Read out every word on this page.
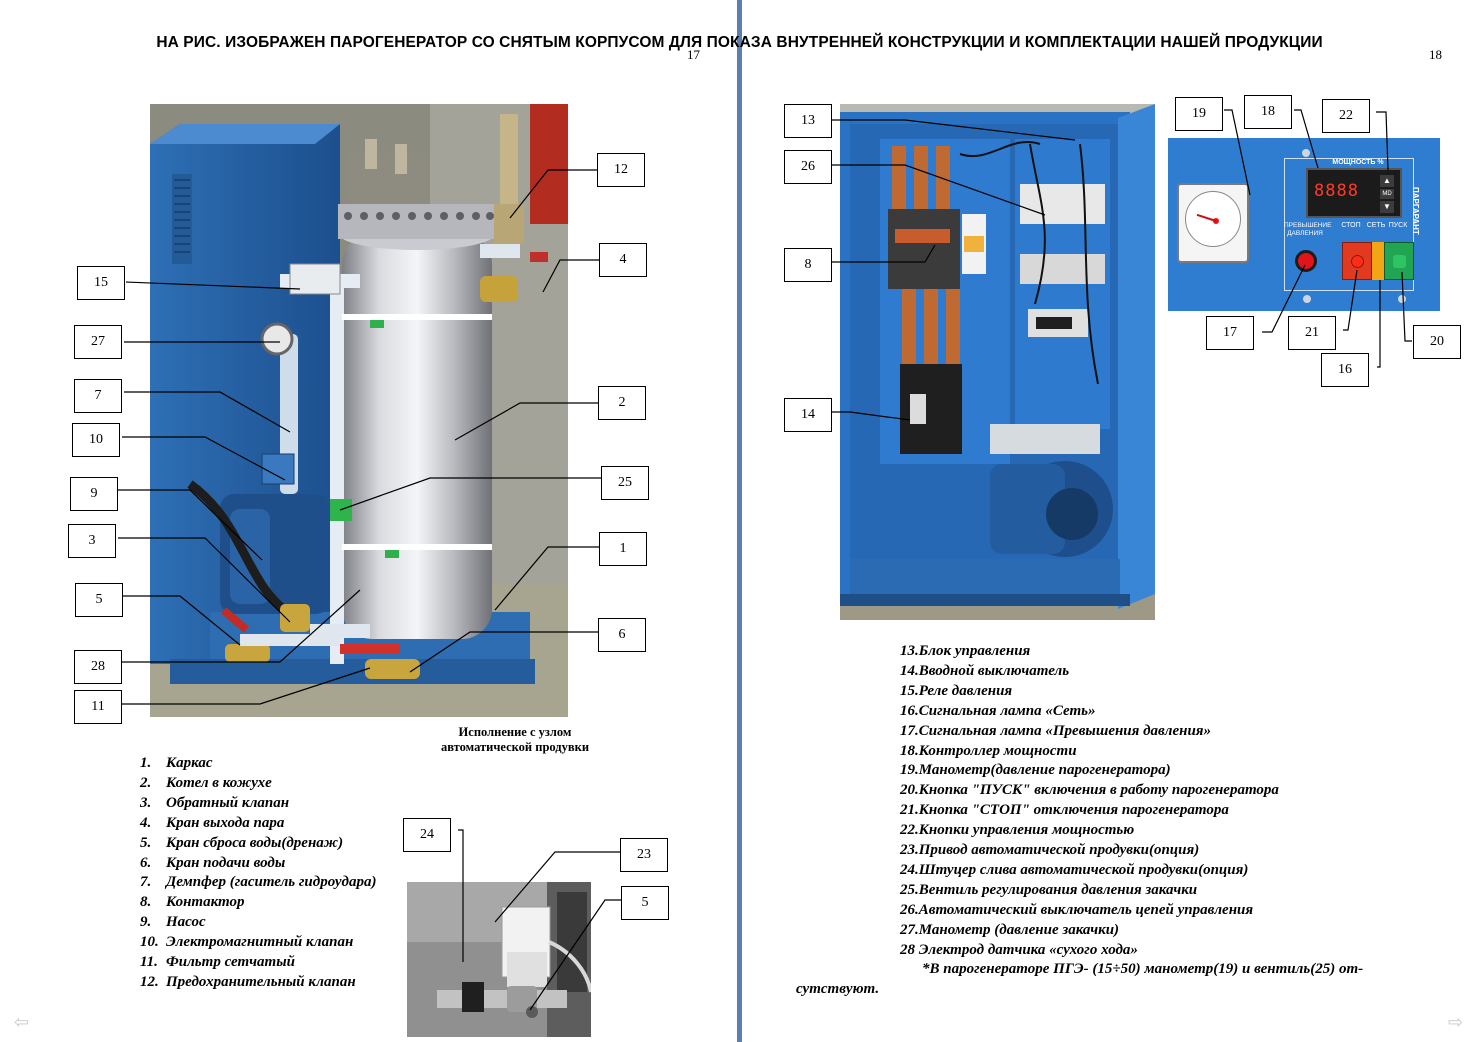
НА РИС. ИЗОБРАЖЕН ПАРОГЕНЕРАТОР СО СНЯТЫМ КОРПУСОМ ДЛЯ ПОКАЗА ВНУТРЕННЕЙ КОНСТРУКЦИИ И КОМПЛЕКТАЦИИ НАШЕЙ ПРОДУКЦИИ
17	18
Исполнение с узлом автоматической продувки
МОЩНОСТЬ %
ПАРГАРАНТ
8888
▲
MD
▼
ПРЕВЫШЕНИЕ ДАВЛЕНИЯ
СТОП СЕТЬ ПУСК
12
4
15
27
7
10
9
3
5
28
11
2
25
1
6
24
23
5
13
26
8
14
19	18	22
17	21
16
20
1. Каркас
2. Котел в кожухе
3. Обратный клапан
4. Кран выхода пара
5. Кран сброса воды(дренаж)
6. Кран подачи воды
7. Демпфер (гаситель гидроудара)
8. Контактор
9. Насос
10. Электромагнитный клапан
11. Фильтр сетчатый
12. Предохранительный клапан
13.Блок управления
14.Вводной выключатель
15.Реле давления
16.Сигнальная лампа «Сеть»
17.Сигнальная лампа «Превышения давления»
18.Контроллер мощности
19.Манометр(давление парогенератора)
20.Кнопка "ПУСК" включения в работу парогенератора
21.Кнопка "СТОП" отключения парогенератора
22.Кнопки управления мощностью
23.Привод автоматической продувки(опция)
24.Штуцер слива автоматической продувки(опция)
25.Вентиль регулирования давления закачки
26.Автоматический выключатель цепей управления
27.Манометр (давление закачки)
28 Электрод датчика «сухого хода»
*В парогенераторе ПГЭ- (15÷50) манометр(19) и вентиль(25) от-
сутствуют.
⇦	⇨
